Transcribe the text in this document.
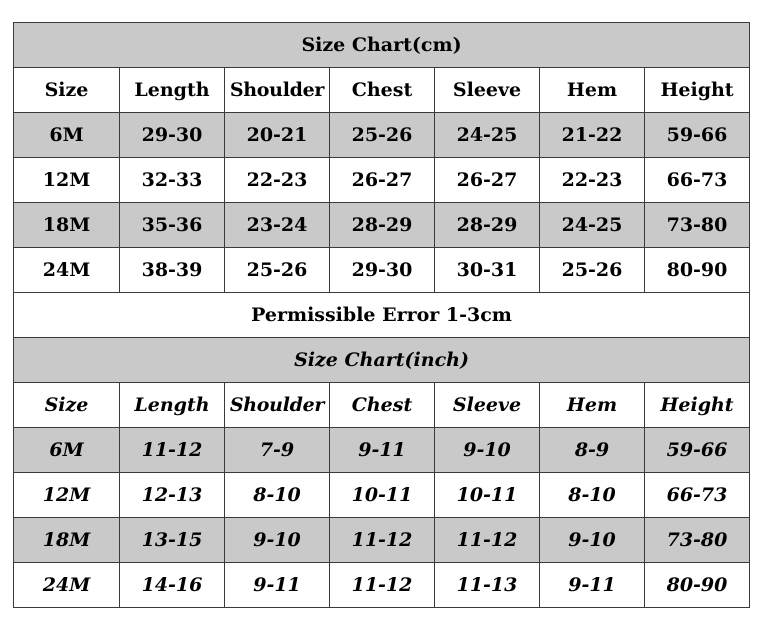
Size Chart(cm)						
Size	Length	Shoulder	Chest	Sleeve	Hem	Height
6M	29-30	20-21	25-26	24-25	21-22	59-66
12M	32-33	22-23	26-27	26-27	22-23	66-73
18M	35-36	23-24	28-29	28-29	24-25	73-80
24M	38-39	25-26	29-30	30-31	25-26	80-90
Permissible Error 1-3cm						
Size Chart(inch)						
Size	Length	Shoulder	Chest	Sleeve	Hem	Height
6M	11-12	7-9	9-11	9-10	8-9	59-66
12M	12-13	8-10	10-11	10-11	8-10	66-73
18M	13-15	9-10	11-12	11-12	9-10	73-80
24M	14-16	9-11	11-12	11-13	9-11	80-90
